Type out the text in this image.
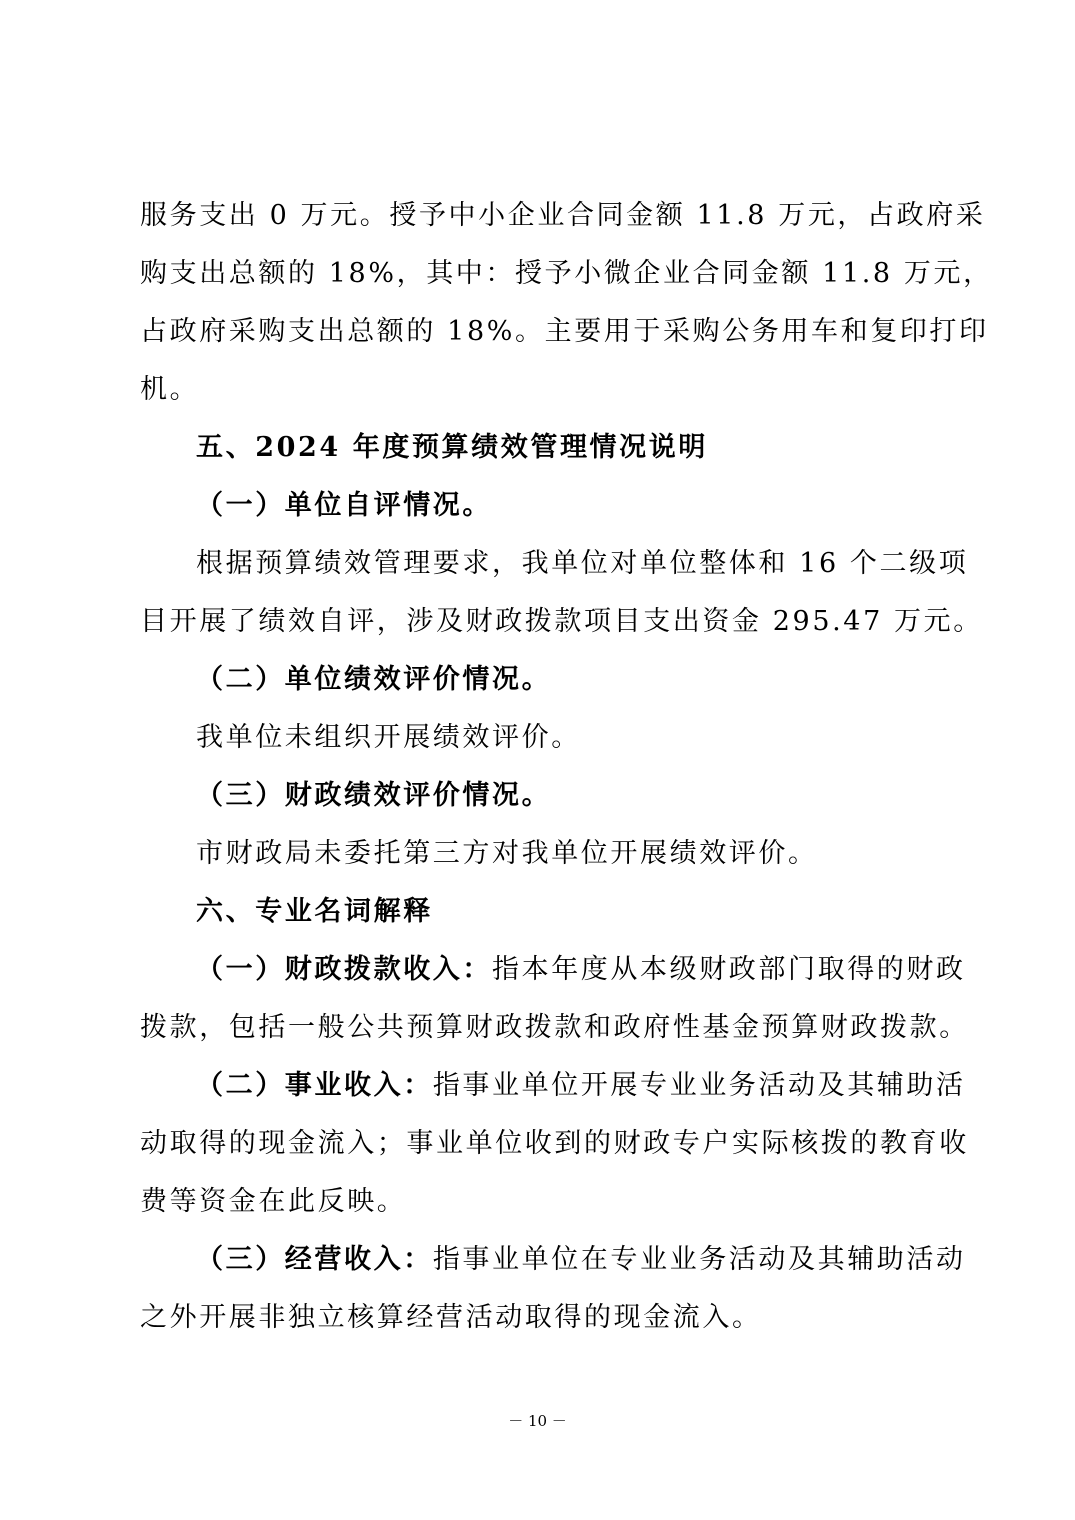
服务支出 0 万元。授予中小企业合同金额 11.8 万元，占政府采
购支出总额的 18%，其中：授予小微企业合同金额 11.8 万元，
占政府采购支出总额的 18%。主要用于采购公务用车和复印打印
机。
五、2024 年度预算绩效管理情况说明
（一）单位自评情况。
根据预算绩效管理要求，我单位对单位整体和 16 个二级项
目开展了绩效自评，涉及财政拨款项目支出资金 295.47 万元。
（二）单位绩效评价情况。
我单位未组织开展绩效评价。
（三）财政绩效评价情况。
市财政局未委托第三方对我单位开展绩效评价。
六、专业名词解释
（一）财政拨款收入：指本年度从本级财政部门取得的财政
拨款，包括一般公共预算财政拨款和政府性基金预算财政拨款。
（二）事业收入：指事业单位开展专业业务活动及其辅助活
动取得的现金流入；事业单位收到的财政专户实际核拨的教育收
费等资金在此反映。
（三）经营收入：指事业单位在专业业务活动及其辅助活动
之外开展非独立核算经营活动取得的现金流入。
－ 10 －
